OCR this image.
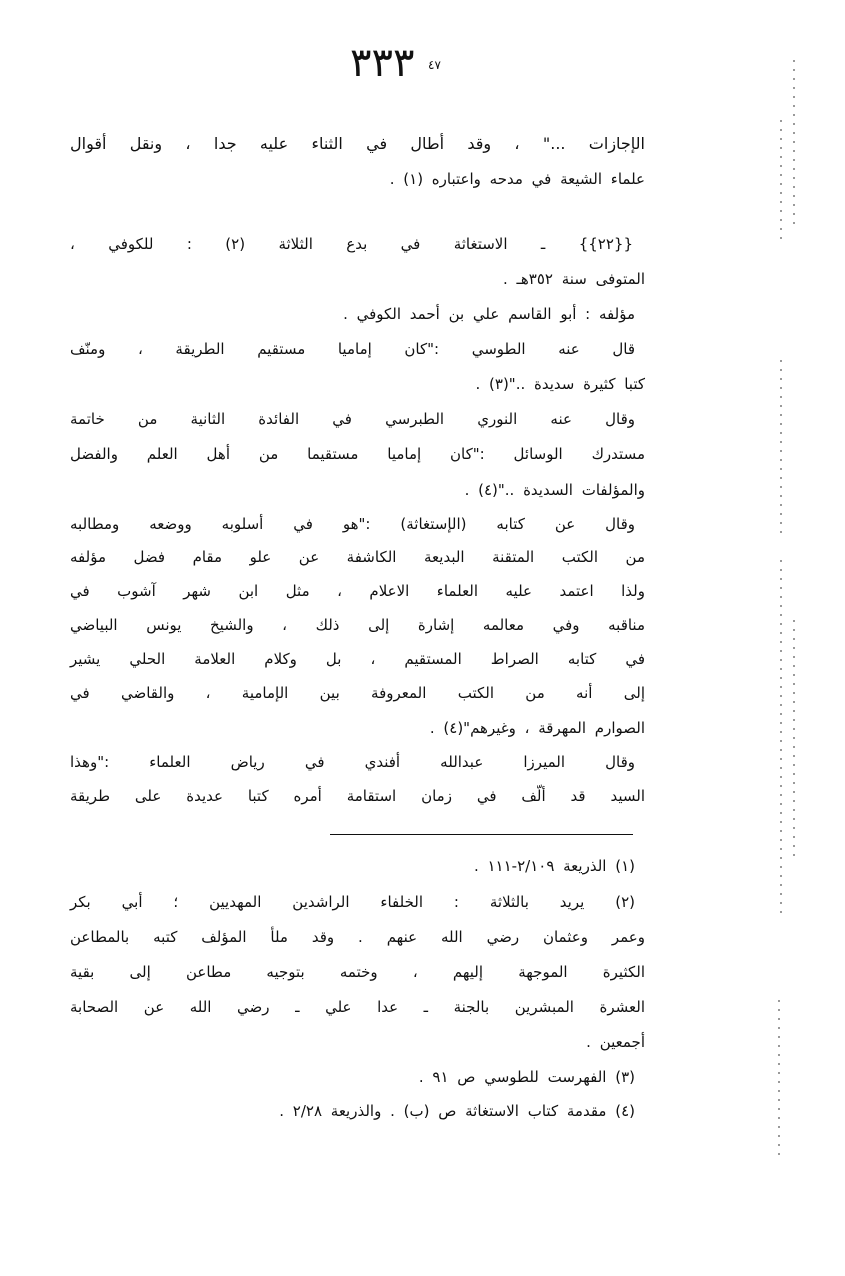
٣٣٣ ٤٧
الإجازات ..." ، وقد أطال في الثناء عليه جدا ، ونقل أقوال
علماء الشيعة في مدحه واعتباره (١) .
{{٢٢}} ـ الاستغاثة في بدع الثلاثة (٢) : للكوفي ،
المتوفى سنة ٣٥٢هـ .
مؤلفه : أبو القاسم علي بن أحمد الكوفي .
قال عنه الطوسي :"كان إماميا مستقيم الطريقة ، ومنّف
كتبا كثيرة سديدة .."(٣) .
وقال عنه النوري الطبرسي في الفائدة الثانية من خاتمة
مستدرك الوسائل :"كان إماميا مستقيما من أهل العلم والفضل
والمؤلفات السديدة .."(٤) .
وقال عن كتابه (الإستغاثة) :"هو في أسلوبه ووضعه ومطالبه
من الكتب المتقنة البديعة الكاشفة عن علو مقام فضل مؤلفه
ولذا اعتمد عليه العلماء الاعلام ، مثل ابن شهر آشوب في
مناقبه وفي معالمه إشارة إلى ذلك ، والشيخ يونس البياضي
في كتابه الصراط المستقيم ، بل وكلام العلامة الحلي يشير
إلى أنه من الكتب المعروفة بين الإمامية ، والقاضي في
الصوارم المهرقة ، وغيرهم"(٤) .
وقال الميرزا عبدالله أفندي في رياض العلماء :"وهذا
السيد قد ألّف في زمان استقامة أمره كتبا عديدة على طريقة
(١) الذريعة ٢/١٠٩-١١١ .
(٢) يريد بالثلاثة : الخلفاء الراشدين المهديين ؛ أبي بكر
وعمر وعثمان رضي الله عنهم . وقد ملأ المؤلف كتبه بالمطاعن
الكثيرة الموجهة إليهم ، وختمه بتوجيه مطاعن إلى بقية
العشرة المبشرين بالجنة ـ عدا علي ـ رضي الله عن الصحابة
أجمعين .
(٣) الفهرست للطوسي ص ٩١ .
(٤) مقدمة كتاب الاستغاثة ص (ب) . والذريعة ٢/٢٨ .
